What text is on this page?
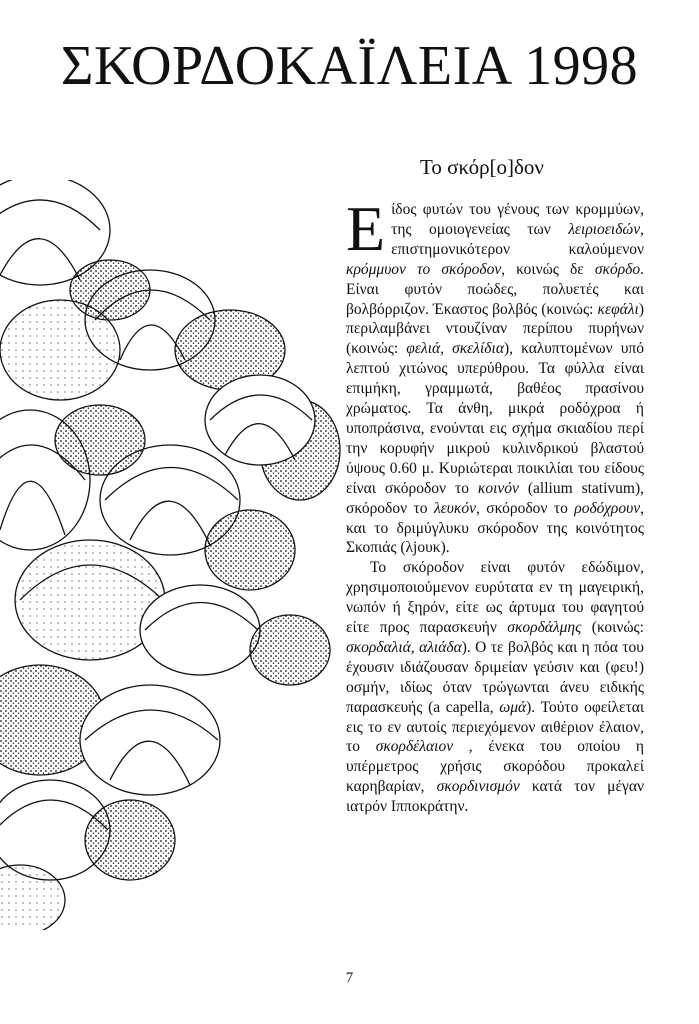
ΣΚΟΡΔΟΚΑΪΛΕΙΑ 1998
Το σκόρ[ο]δον

Είδος φυτών του γένους των κρομμύων, της ομοιογενείας των λειριοειδών, επιστημονικότερον καλούμενον κρόμμυον το σκόροδον, κοινώς δε σκόρδο. Είναι φυτόν ποώδες, πολυετές και βολβόρριζον. Έκαστος βολβός (κοινώς: κεφάλι) περιλαμβάνει ντουζίναν περίπου πυρήνων (κοινώς: φελιά, σκελίδια), καλυπτομένων υπό λεπτού χιτώνος υπερύθρου. Τα φύλλα είναι επιμήκη, γραμμωτά, βαθέος πρασίνου χρώματος. Τα άνθη, μικρά ροδόχροα ή υποπράσινα, ενούνται εις σχήμα σκιαδίου περί την κορυφήν μικρού κυλινδρικού βλαστού ύψους 0.60 μ. Κυριώτεραι ποικιλίαι του είδους είναι σκόροδον το κοινόν (allium stativum), σκόροδον το λευκόν, σκόροδον το ροδόχρουν, και το δριμύγλυκυ σκόροδον της κοινότητος Σκοπιάς (λjουκ).

Το σκόροδον είναι φυτόν εδώδιμον, χρησιμοποιούμενον ευρύτατα εν τη μαγειρική, νωπόν ή ξηρόν, είτε ως άρτυμα του φαγητού είτε προς παρασκευήν σκορδάλμης (κοινώς: σκορδαλιά, αλιάδα). Ο τε βολβός και η πόα του έχουσιν ιδιάζουσαν δριμείαν γεύσιν και (φευ!) οσμήν, ιδίως όταν τρώγωνται άνευ ειδικής παρασκευής (a capella, ωμά). Τούτο οφείλεται εις το εν αυτοίς περιεχόμενον αιθέριον έλαιον, το σκορδέλαιον , ένεκα του οποίου η υπέρμετρος χρήσις σκορόδου προκαλεί καρηβαρίαν, σκορδινισμόν κατά τον μέγαν ιατρόν Ιπποκράτην.

7
